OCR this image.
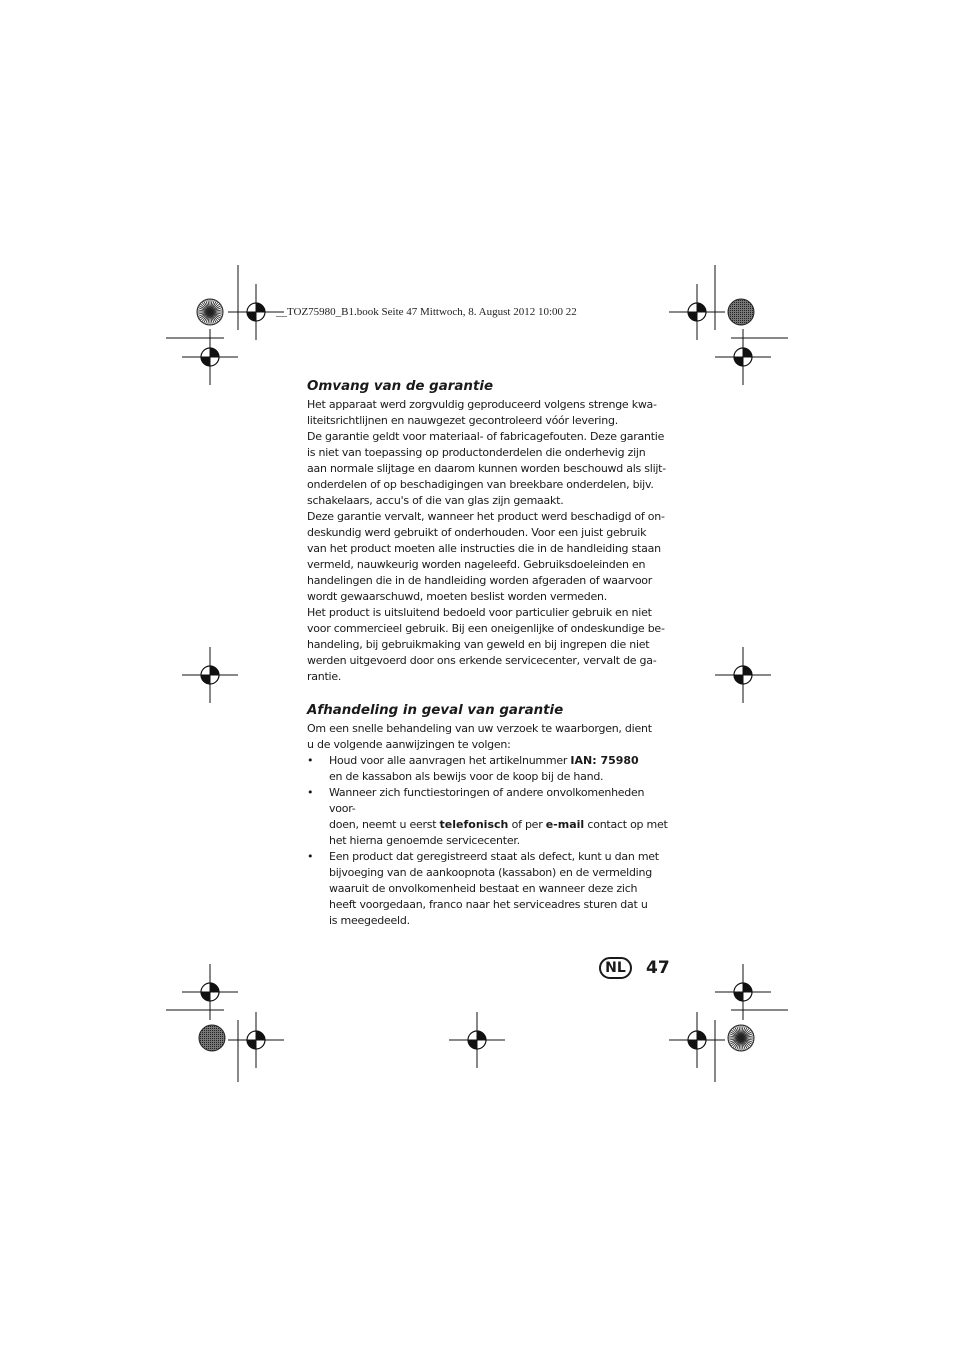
__TOZ75980_B1.book Seite 47 Mittwoch, 8. August 2012 10:00 22
Omvang van de garantie

Het apparaat werd zorgvuldig geproduceerd volgens strenge kwa-

liteitsrichtlijnen en nauwgezet gecontroleerd vóór levering.

De garantie geldt voor materiaal- of fabricagefouten. Deze garantie

is niet van toepassing op productonderdelen die onderhevig zijn

aan normale slijtage en daarom kunnen worden beschouwd als slijt-

onderdelen of op beschadigingen van breekbare onderdelen, bijv.

schakelaars, accu's of die van glas zijn gemaakt.

Deze garantie vervalt, wanneer het product werd beschadigd of on-

deskundig werd gebruikt of onderhouden. Voor een juist gebruik

van het product moeten alle instructies die in de handleiding staan

vermeld, nauwkeurig worden nageleefd. Gebruiksdoeleinden en

handelingen die in de handleiding worden afgeraden of waarvoor

wordt gewaarschuwd, moeten beslist worden vermeden.

Het product is uitsluitend bedoeld voor particulier gebruik en niet

voor commercieel gebruik. Bij een oneigenlijke of ondeskundige be-

handeling, bij gebruikmaking van geweld en bij ingrepen die niet

werden uitgevoerd door ons erkende servicecenter, vervalt de ga-

rantie.

Afhandeling in geval van garantie

Om een snelle behandeling van uw verzoek te waarborgen, dient

u de volgende aanwijzingen te volgen:

• Houd voor alle aanvragen het artikelnummer IAN: 75980
en de kassabon als bewijs voor de koop bij de hand.
• Wanneer zich functiestoringen of andere onvolkomenheden voor-
doen, neemt u eerst telefonisch of per e-mail contact op met
het hierna genoemde servicecenter.
• Een product dat geregistreerd staat als defect, kunt u dan met
bijvoeging van de aankoopnota (kassabon) en de vermelding
waaruit de onvolkomenheid bestaat en wanneer deze zich
heeft voorgedaan, franco naar het serviceadres sturen dat u
is meegedeeld.
NL	47
